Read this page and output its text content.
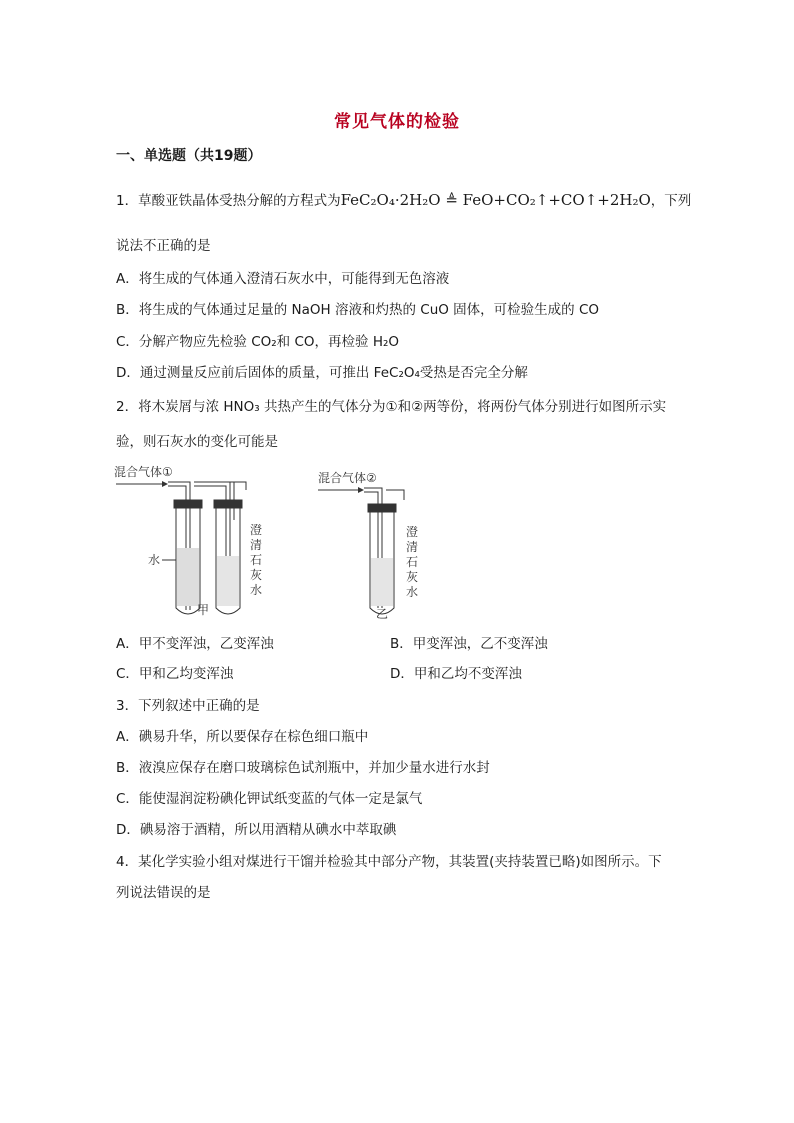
常见气体的检验
一、单选题（共19题）
1．草酸亚铁晶体受热分解的方程式为FeC₂O₄·2H₂O ≜ FeO+CO₂↑+CO↑+2H₂O，下列
说法不正确的是
A．将生成的气体通入澄清石灰水中，可能得到无色溶液
B．将生成的气体通过足量的 NaOH 溶液和灼热的 CuO 固体，可检验生成的 CO
C．分解产物应先检验 CO₂和 CO，再检验 H₂O
D．通过测量反应前后固体的质量，可推出 FeC₂O₄受热是否完全分解
2．将木炭屑与浓 HNO₃ 共热产生的气体分为①和②两等份，将两份气体分别进行如图所示实
验，则石灰水的变化可能是
混合气体①
水
澄
清
石
灰
水
甲
混合气体②
澄
清
石
灰
水
乙
A．甲不变浑浊，乙变浑浊	B．甲变浑浊，乙不变浑浊
C．甲和乙均变浑浊	D．甲和乙均不变浑浊
3．下列叙述中正确的是
A．碘易升华，所以要保存在棕色细口瓶中
B．液溴应保存在磨口玻璃棕色试剂瓶中，并加少量水进行水封
C．能使湿润淀粉碘化钾试纸变蓝的气体一定是氯气
D．碘易溶于酒精，所以用酒精从碘水中萃取碘
4．某化学实验小组对煤进行干馏并检验其中部分产物，其装置(夹持装置已略)如图所示。下
列说法错误的是
